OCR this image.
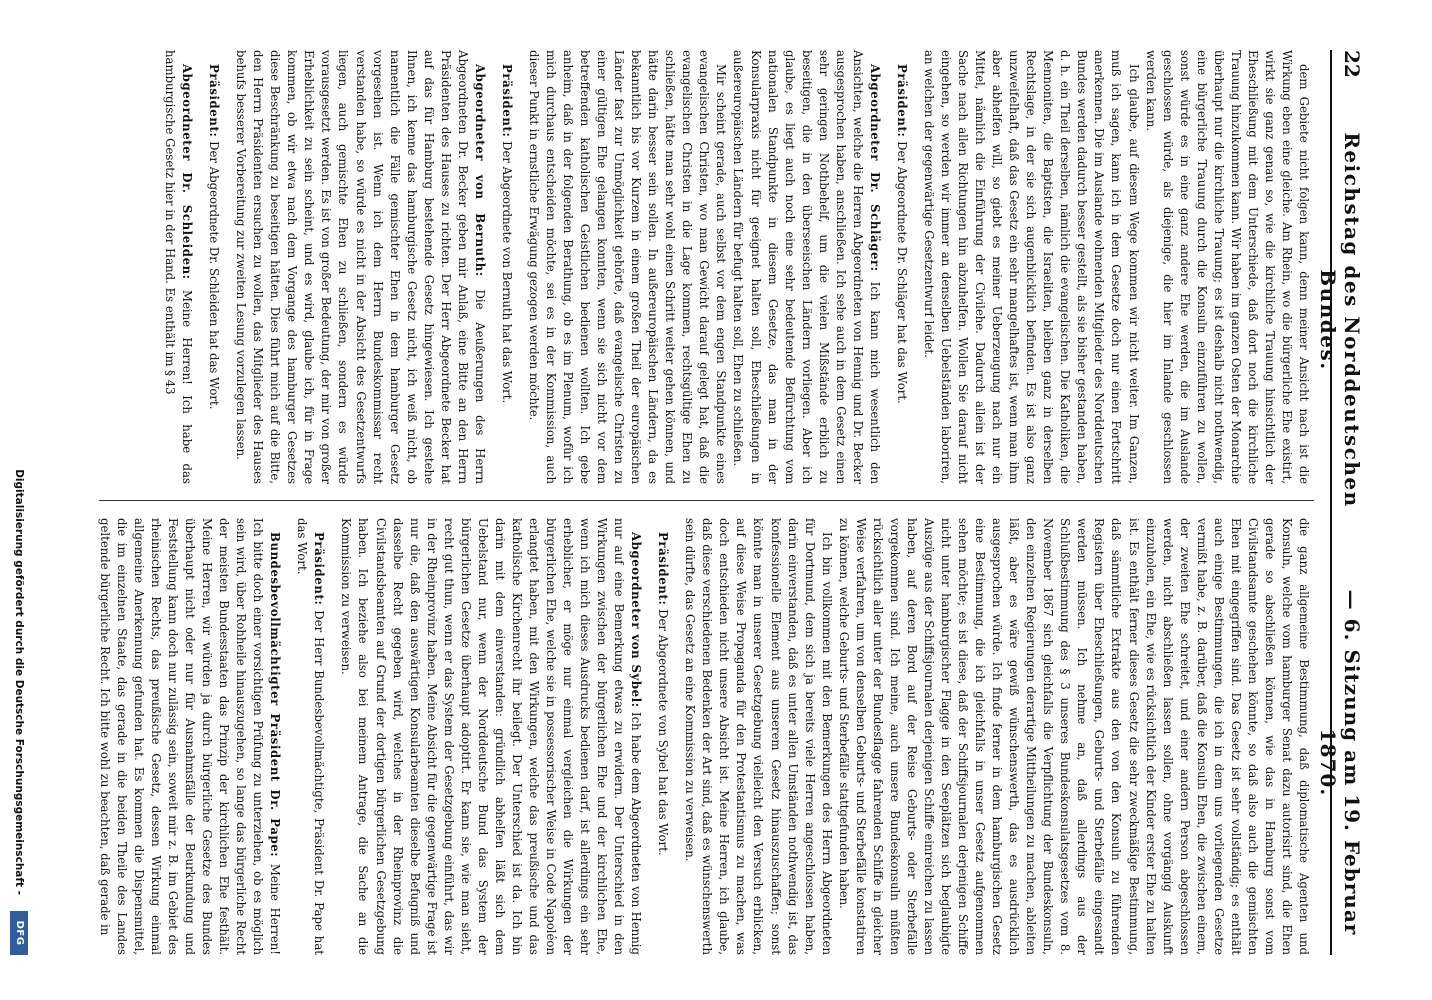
22
Reichstag des Norddeutschen Bundes.
— 6. Sitzung am 19. Februar 1870.

dem Gebiete nicht folgen kann, denn meiner Ansicht nach ist die Wirkung eben eine gleiche. Am Rhein, wo die bürgerliche Ehe existirt, wirkt sie ganz genau so, wie die kirchliche Trauung hinsichtlich der Eheschließung mit dem Unterschiede, daß dort noch die kirchliche Trauung hinzukommen kann. Wir haben im ganzen Osten der Monarchie überhaupt nur die kirchliche Trauung; es ist deshalb nicht nothwendig, eine bürgerliche Trauung durch die Konsuln einzuführen zu wollen, sonst würde es in eine ganz andere Ehe werden, die im Auslande geschlossen würde, als diejenige, die hier im Inlande geschlossen werden kann.

Ich glaube, auf diesem Wege kommen wir nicht weiter. Im Ganzen, muß ich sagen, kann ich in dem Gesetze doch nur einen Fortschritt anerkennen. Die im Auslande wohnenden Mitglieder des Norddeutschen Bundes werden dadurch besser gestellt, als sie bisher gestanden haben, d. h. ein Theil derselben, nämlich die evangelischen. Die Katholiken, die Mennoniten, die Baptisten, die Israeliten, bleiben ganz in derselben Rechtslage, in der sie sich augenblicklich befinden. Es ist also ganz unzweifelhaft, daß das Gesetz ein sehr mangelhaftes ist, wenn man ihm aber abhelfen will, so giebt es meiner Ueberzeugung nach nur ein Mittel, nämlich die Einführung der Civilehe. Dadurch allein ist der Sache nach allen Richtungen hin abzuhelfen. Wollen Sie darauf nicht eingehen, so werden wir immer an denselben Uebelständen laboriren, an welchen der gegenwärtige Gesetzentwurf leidet.

Präsident: Der Abgeordnete Dr. Schläger hat das Wort.

Abgeordneter Dr. Schläger: Ich kann mich wesentlich den Ansichten, welche die Herren Abgeordneten von Hennig und Dr. Becker ausgesprochen haben, anschließen. Ich sehe auch in dem Gesetz einen sehr geringen Nothbehelf, um die vielen Mißstände erblich zu beseitigen, die in den überseeischen Ländern vorliegen. Aber ich glaube, es liegt auch noch eine sehr bedeutende Befürchtung vom nationalen Standpunkte in diesem Gesetze, das man in der Konsularpraxis nicht für geeignet halten soll, Eheschließungen in außereuropäischen Ländern für befugt halten soll, Ehen zu schließen.

Mir scheint gerade, auch selbst vor dem engen Standpunkte eines evangelischen Christen, wo man Gewicht darauf gelegt hat, daß die evangelischen Christen in die Lage kommen, rechtsgültige Ehen zu schließen, hätte man sehr wohl einen Schritt weiter gehen können, und hätte darin besser sein sollen. In außereuropäischen Ländern, da es bekanntlich bis vor Kurzem in einem großen Theil der europäischen Länder fast zur Unmöglichkeit gehörte, daß evangelische Christen zu einer gültigen Ehe gelangen konnten, wenn sie sich nicht vor dem betreffenden katholischen Geistlichen bedienen wollten. Ich gebe anheim, daß in der folgenden Berathung, ob es im Plenum, wofür ich mich durchaus entscheiden möchte, sei es in der Kommission, auch dieser Punkt in ernstliche Erwägung gezogen werden möchte.

Präsident: Der Abgeordnete von Bernuth hat das Wort.

Abgeordneter von Bernuth: Die Aeußerungen des Herrn Abgeordneten Dr. Becker geben mir Anlaß, eine Bitte an den Herrn Präsidenten des Hauses zu richten. Der Herr Abgeordnete Becker hat auf das für Hamburg bestehende Gesetz hingewiesen. Ich gestehe Ihnen, ich kenne das hamburgische Gesetz nicht, ich weiß nicht, ob namentlich die Fälle gemischter Ehen in dem hamburger Gesetz vorgesehen ist. Wenn ich dem Herrn Bundeskommissar recht verstanden habe, so würde es nicht in der Absicht des Gesetzentwurfs liegen, auch gemischte Ehen zu schließen, sondern es würde vorausgesetzt werden. Es ist von großer Bedeutung, der mir von großer Erheblichkeit zu sein scheint, und es wird, glaube ich, für in Frage kommen, ob wir etwa nach dem Vorgange des hamburger Gesetzes diese Beschränkung zu beseitigen hätten. Dies führt mich auf die Bitte, den Herrn Präsidenten ersuchen zu wollen, das Mitglieder des Hauses behufs besserer Vorbereitung zur zweiten Lesung vorzulegen lassen.

Präsident: Der Abgeordnete Dr. Schleiden hat das Wort.

Abgeordneter Dr. Schleiden: Meine Herren! Ich habe das hamburgische Gesetz hier in der Hand. Es enthält im § 43

die ganz allgemeine Bestimmung, daß diplomatische Agenten und Konsuln, welche vom hamburger Senat dazu autorisirt sind, die Ehen gerade so abschließen können, wie das in Hamburg sonst vom Civilstandsamte geschehen könnte, so daß also auch die gemischten Ehen mit eingegriffen sind. Das Gesetz ist sehr vollständig; es enthält auch einige Bestimmungen, die ich in dem uns vorliegenden Gesetze vermißt habe, z. B. darüber, daß die Konsuln Ehen, die zwischen einem, der zweiten Ehe schreitet, und einer andern Person abgeschlossen werden, nicht abschließen lassen sollen, ohne vorgängig Auskunft einzuholen, ein Ehe, wie es rücksichtlich der Kinder erster Ehe zu halten ist. Es enthält ferner dieses Gesetz die sehr zweckmäßige Bestimmung, daß sämmtliche Extrakte aus den von den Konsuln zu führenden Registern über Eheschließungen, Geburts- und Sterbefälle eingesandt werden müssen. Ich nehme an, daß allerdings aus der Schlußbestimmung des § 3 unseres Bundeskonsulatsgesetzes vom 8. November 1867 sich gleichfalls die Verpflichtung der Bundeskonsuln, den einzelnen Regierungen derartige Mittheilungen zu machen, ableiten läßt, aber es wäre gewiß wünschenswerth, das es ausdrücklich ausgesprochen würde. Ich finde ferner in dem hamburgischen Gesetz eine Bestimmung, die ich gleichfalls in unser Gesetz aufgenommen sehen möchte; es ist diese, daß der Schiffsjournalen derjenigen Schiffe nicht unter hamburgischer Flagge in den Seeplätzen sich beglaubigte Auszüge aus der Schiffsjournalen derjenigen Schiffe einreichen zu lassen haben, auf deren Bord auf der Reise Geburts- oder Sterbefälle vorgekommen sind. Ich meine, auch unsere Bundeskonsuln müßten rücksichtlich aller unter der Bundesflagge fahrenden Schiffe in gleicher Weise verfahren, um von denselben Geburts- und Sterbefälle konstatiren zu können, welche Geburts- und Sterbefälle stattgefunden haben.

Ich bin vollkommen mit den Bemerkungen des Herrn Abgeordneten für Dortmund, dem sich ja bereits viele Herren angeschlossen haben, darin einverstanden, daß es unter allen Umständen nothwendig ist, das konfessionelle Element aus unserem Gesetz hinauszuschaffen; sonst könnte man in unserer Gesetzgebung vielleicht den Versuch erblicken, auf diese Weise Propaganda für den Protestantismus zu machen, was doch entschieden nicht unsere Absicht ist. Meine Herren, ich glaube, daß diese verschiedenen Bedenken der Art sind, daß es wünschenswerth sein dürfte, das Gesetz an eine Kommission zu verweisen.

Präsident: Der Abgeordnete von Sybel hat das Wort.

Abgeordneter von Sybel: Ich habe dem Abgeordneten von Hennig nur auf eine Bemerkung etwas zu erwidern. Der Unterschied in den Wirkungen zwischen der bürgerlichen Ehe und der kirchlichen Ehe, wenn ich mich dieses Ausdrucks bedienen darf, ist allerdings ein sehr erheblicher, er möge nur einmal vergleichen die Wirkungen der bürgerlichen Ehe, welche sie in possessorischer Weise in Code Napoléon erlangtet haben, mit den Wirkungen, welche das preußische und das katholische Kirchenrecht ihr beilegt. Der Unterschied ist da. Ich bin darin mit dem einverstanden: gründlich abhelfen läßt sich dem Uebelstand nur, wenn der Norddeutsche Bund das System der bürgerlichen Gesetze überhaupt adoptirt. Er kann sie, wie man sieht, recht gut thun, wenn er das System der Gesetzgebung einführt, das wir in der Rheinprovinz haben. Meine Absicht für die gegenwärtige Frage ist nur die, daß den auswärtigen Konsularbeamten dieselbe Befugniß und dasselbe Recht gegeben wird, welches in der Rheinprovinz die Civilstandsbeamten auf Grund der dortigen bürgerlichen Gesetzgebung haben. Ich beziehe also bei meinem Antrage, die Sache an die Kommission zu verweisen.

Präsident: Der Herr Bundesbevollmächtigte, Präsident Dr. Pape hat das Wort.

Bundesbevollmächtigter Präsident Dr. Pape: Meine Herren! Ich bitte doch einer vorsichtigen Prüfung zu unterziehen, ob es möglich sein wird, über Rohheile hinauszugehen, so lange das bürgerliche Recht der meisten Bundesstaaten das Prinzip der kirchlichen Ehe festhält. Meine Herren, wir würden ja durch bürgerliche Gesetze des Bundes überhaupt nicht oder nur für Ausnahmsfälle der Beurkundung und Feststellung kann doch nur zulässig sein, soweit mir z. B. im Gebiet des rheinischen Rechts, das preußische Gesetz, dessen Wirkung einmal allgemeine Anerkennung gefunden hat. Es kommen die Dispensmittel, die im einzelnen Staate, das gerade in die beiden Theile des Landes geltende bürgerliche Recht. Ich bitte wohl zu beachten, daß gerade in

Digitalisierung gefördert durch die Deutsche Forschungsgemeinschaft -
DFG
